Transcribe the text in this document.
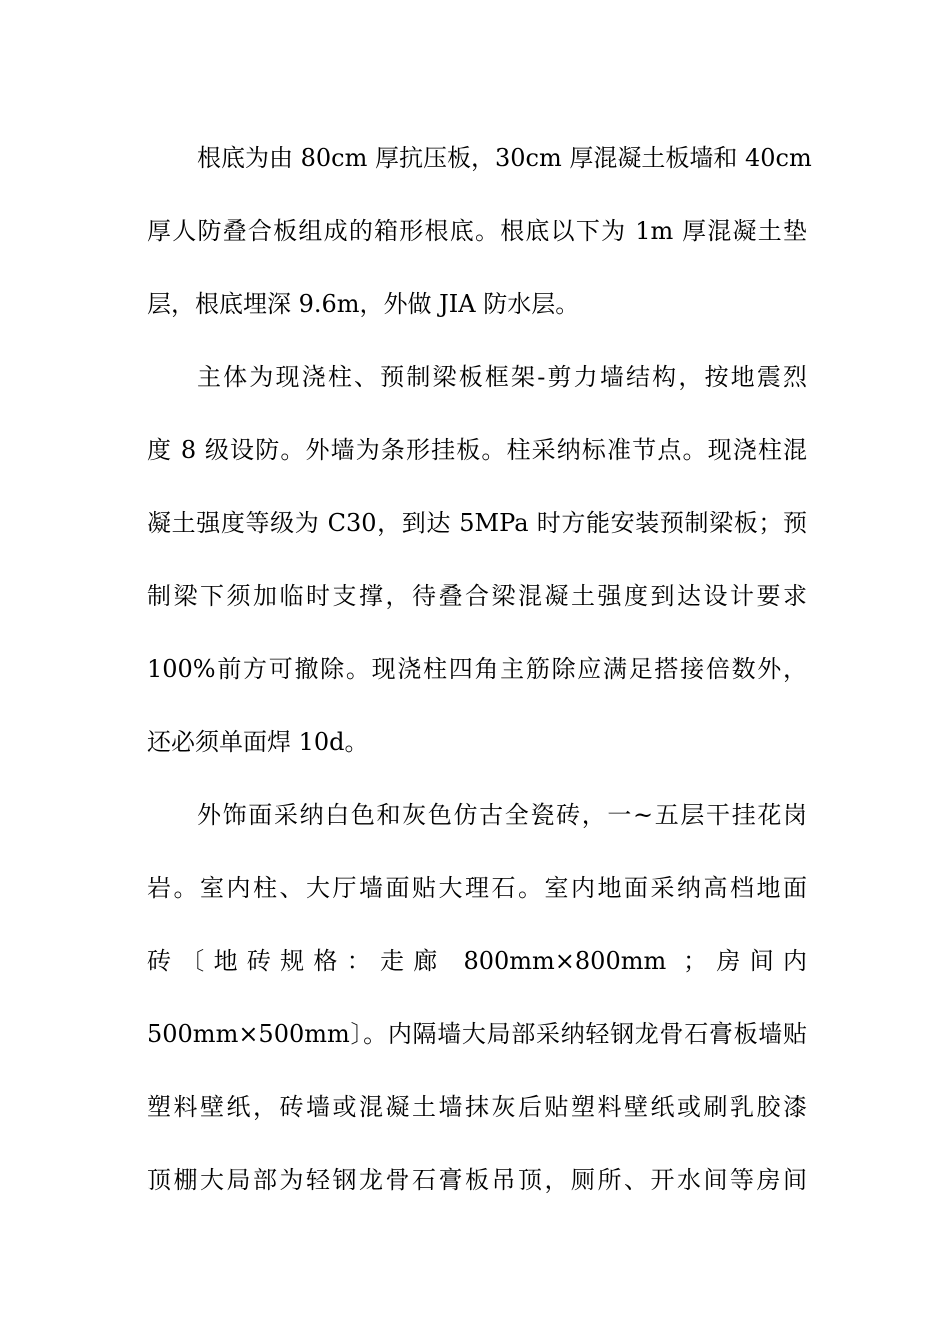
根底为由 80cm 厚抗压板，30cm 厚混凝土板墙和 40cm
厚人防叠合板组成的箱形根底。根底以下为 1m 厚混凝土垫
层，根底埋深 9.6m，外做 JIA 防水层。
主体为现浇柱、预制梁板框架-剪力墙结构，按地震烈
度 8 级设防。外墙为条形挂板。柱采纳标准节点。现浇柱混
凝土强度等级为 C30，到达 5MPa 时方能安装预制梁板；预
制梁下须加临时支撑，待叠合梁混凝土强度到达设计要求
100%前方可撤除。现浇柱四角主筋除应满足搭接倍数外，
还必须单面焊 10d。
外饰面采纳白色和灰色仿古全瓷砖，一~五层干挂花岗
岩。室内柱、大厅墙面贴大理石。室内地面采纳高档地面
砖〔地砖规格：走廊 800mm×800mm ；房间内
500mm×500mm〕。内隔墙大局部采纳轻钢龙骨石膏板墙贴
塑料壁纸，砖墙或混凝土墙抹灰后贴塑料壁纸或刷乳胶漆
顶棚大局部为轻钢龙骨石膏板吊顶，厕所、开水间等房间
